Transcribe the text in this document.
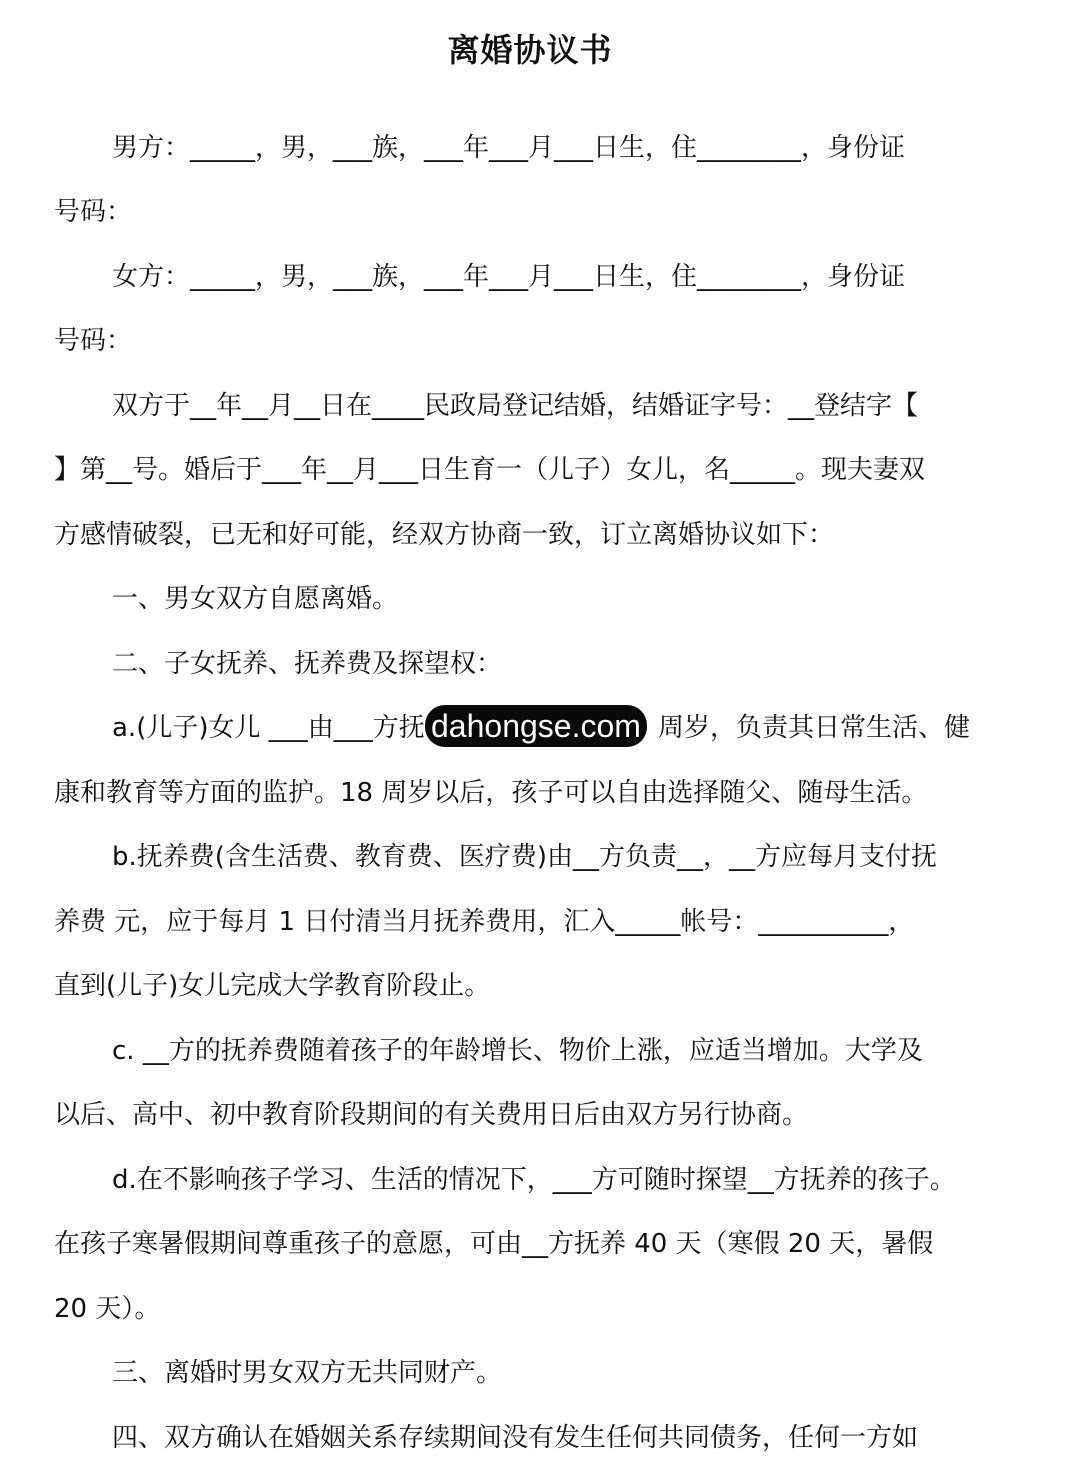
离婚协议书
男方：_____，男，___族，___年___月___日生，住________，身份证
号码：
女方：_____，男，___族，___年___月___日生，住________，身份证
号码：
双方于__年__月__日在____民政局登记结婚，结婚证字号：__登结字【
】第__号。婚后于___年__月___日生育一（儿子）女儿，名_____。现夫妻双
方感情破裂，已无和好可能，经双方协商一致，订立离婚协议如下：
一、男女双方自愿离婚。
二、子女抚养、抚养费及探望权：
a.(儿子)女儿 ___由___方抚	周岁，负责其日常生活、健
dahongse.com
康和教育等方面的监护。18 周岁以后，孩子可以自由选择随父、随母生活。
b.抚养费(含生活费、教育费、医疗费)由__方负责__，__方应每月支付抚
养费 元，应于每月 1 日付清当月抚养费用，汇入_____帐号：__________，
直到(儿子)女儿完成大学教育阶段止。
c. __方的抚养费随着孩子的年龄增长、物价上涨，应适当增加。大学及
以后、高中、初中教育阶段期间的有关费用日后由双方另行协商。
d.在不影响孩子学习、生活的情况下，___方可随时探望__方抚养的孩子。
在孩子寒暑假期间尊重孩子的意愿，可由__方抚养 40 天（寒假 20 天，暑假
20 天）。
三、离婚时男女双方无共同财产。
四、双方确认在婚姻关系存续期间没有发生任何共同债务，任何一方如
